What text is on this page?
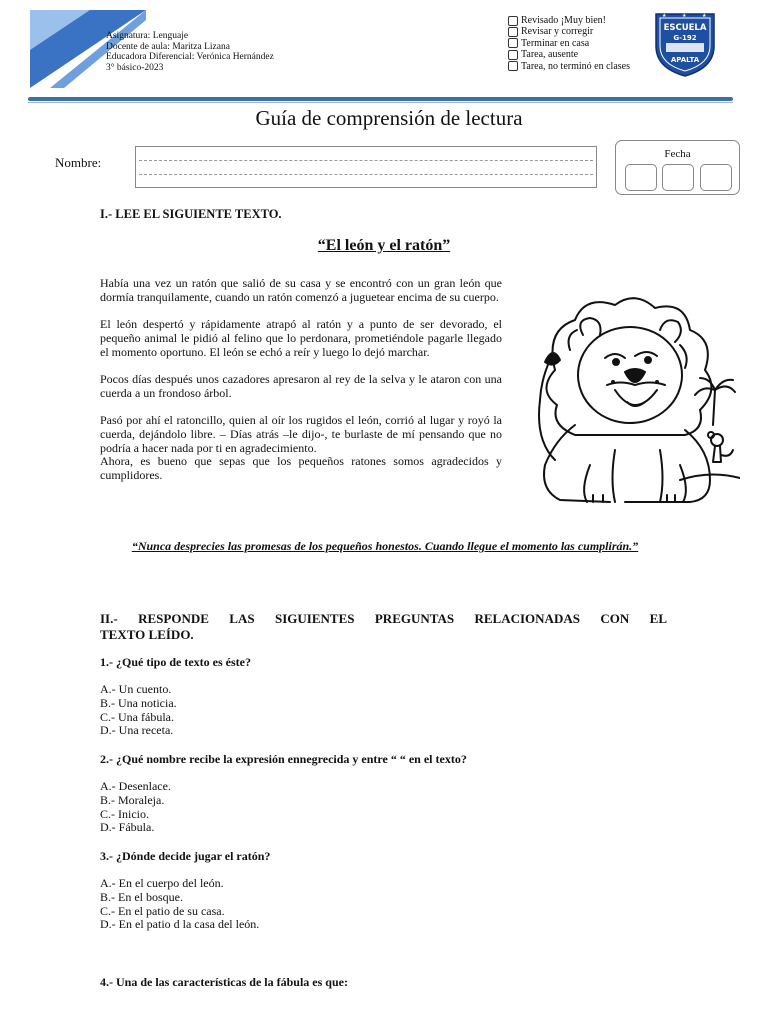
Asignatura: Lenguaje
Docente de aula: Maritza Lizana
Educadora Diferencial: Verónica Hernández
3° básico-2023
Revisado ¡Muy bien!
Revisar y corregir
Terminar en casa
Tarea, ausente
Tarea, no terminó en clases
★	★	★
ESCUELA
G-192
APALTA
Guía de comprensión de lectura
Nombre:
Fecha
I.- LEE EL SIGUIENTE TEXTO.
“El león y el ratón”

Había una vez un ratón que salió de su casa y se encontró con un gran león que dormía tranquilamente, cuando un ratón comenzó a juguetear encima de su cuerpo.

El león despertó y rápidamente atrapó al ratón y a punto de ser devorado, el pequeño animal le pidió al felino que lo perdonara, prometiéndole pagarle llegado el momento oportuno. El león se echó a reír y luego lo dejó marchar.

Pocos días después unos cazadores apresaron al rey de la selva y le ataron con una cuerda a un frondoso árbol.

Pasó por ahí el ratoncillo, quien al oír los rugidos el león, corrió al lugar y royó la cuerda, dejándolo libre. – Días atrás –le dijo-, te burlaste de mí pensando que no podría a hacer nada por ti en agradecimiento.

Ahora, es bueno que sepas que los pequeños ratones somos agradecidos y cumplidores.

“Nunca desprecies las promesas de los pequeños honestos. Cuando llegue el momento las cumplirán.”
II.- RESPONDE LAS SIGUIENTES PREGUNTAS RELACIONADAS CON EL
TEXTO LEÍDO.
1.- ¿Qué tipo de texto es éste?
A.- Un cuento.
B.- Una noticia.
C.- Una fábula.
D.- Una receta.
2.- ¿Qué nombre recibe la expresión ennegrecida y entre “ “ en el texto?
A.- Desenlace.
B.- Moraleja.
C.- Inicio.
D.- Fábula.
3.- ¿Dónde decide jugar el ratón?
A.- En el cuerpo del león.
B.- En el bosque.
C.- En el patio de su casa.
D.- En el patio d la casa del león.
4.- Una de las características de la fábula es que:
